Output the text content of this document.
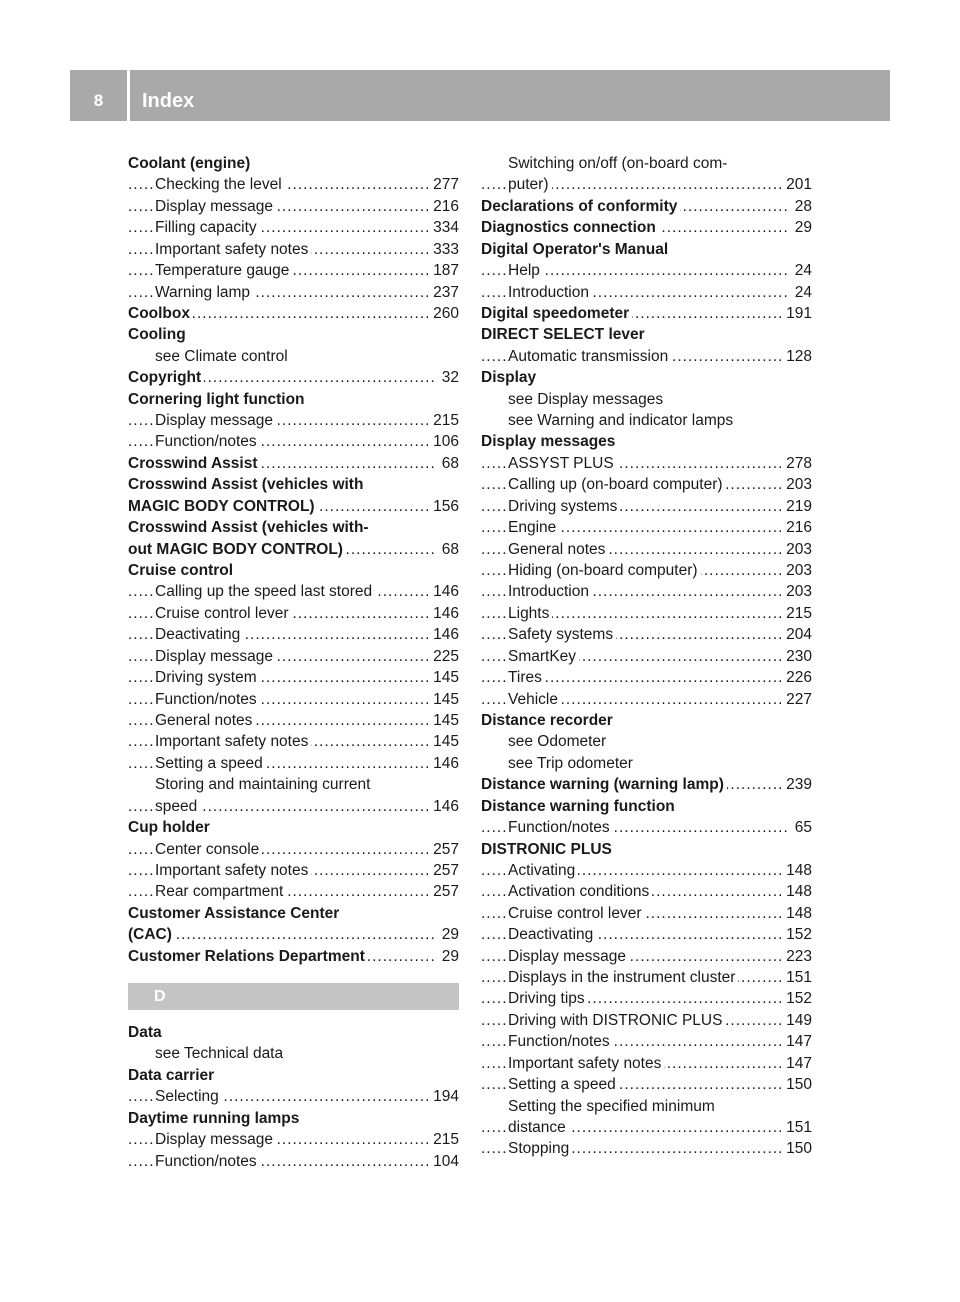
8	Index
Coolant (engine)
Checking the level	277
.....
Display message	216
.....
Filling capacity	334
.....
Important safety notes	333
.....
Temperature gauge	187
.....
Warning lamp	237
.....
Coolbox	260
.....
Cooling
see Climate control
Copyright	32
.....
Cornering light function
Display message	215
.....
Function/notes	106
.....
Crosswind Assist	68
.....
Crosswind Assist (vehicles with
MAGIC BODY CONTROL)	156
.....
Crosswind Assist (vehicles with-
out MAGIC BODY CONTROL)	68
.....
Cruise control
Calling up the speed last stored	146
.....
Cruise control lever	146
.....
Deactivating	146
.....
Display message	225
.....
Driving system	145
.....
Function/notes	145
.....
General notes	145
.....
Important safety notes	145
.....
Setting a speed	146
.....
Storing and maintaining current
speed	146
.....
Cup holder
Center console	257
.....
Important safety notes	257
.....
Rear compartment	257
.....
Customer Assistance Center
(CAC)	29
.....
Customer Relations Department	29
.....
D
Data
see Technical data
Data carrier
Selecting	194
.....
Daytime running lamps
Display message	215
.....
Function/notes	104
.....
Switching on/off (on-board com-
puter)	201
.....
Declarations of conformity	28
.....
Diagnostics connection	29
.....
Digital Operator's Manual
Help	24
.....
Introduction	24
.....
Digital speedometer	191
.....
DIRECT SELECT lever
Automatic transmission	128
.....
Display
see Display messages
see Warning and indicator lamps
Display messages
ASSYST PLUS	278
.....
Calling up (on-board computer)	203
.....
Driving systems	219
.....
Engine	216
.....
General notes	203
.....
Hiding (on-board computer)	203
.....
Introduction	203
.....
Lights	215
.....
Safety systems	204
.....
SmartKey	230
.....
Tires	226
.....
Vehicle	227
.....
Distance recorder
see Odometer
see Trip odometer
Distance warning (warning lamp)	239
.....
Distance warning function
Function/notes	65
.....
DISTRONIC PLUS
Activating	148
.....
Activation conditions	148
.....
Cruise control lever	148
.....
Deactivating	152
.....
Display message	223
.....
Displays in the instrument cluster	151
.....
Driving tips	152
.....
Driving with DISTRONIC PLUS	149
.....
Function/notes	147
.....
Important safety notes	147
.....
Setting a speed	150
.....
Setting the specified minimum
distance	151
.....
Stopping	150
.....
